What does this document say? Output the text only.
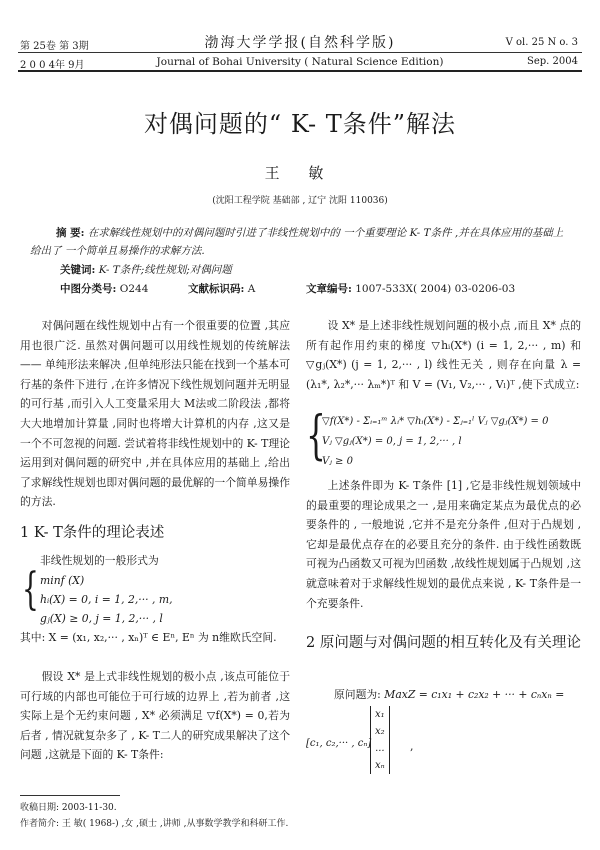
第 25卷 第 3期	渤海大学学报(自然科学版)	V ol. 25 N o. 3
2 0 0 4年 9月	Journal of Bohai University ( Natural Science Edition)	Sep. 2004
对偶问题的“ K- T条件”解法
王 敏
(沈阳工程学院 基础部 , 辽宁 沈阳 110036)
摘 要: 在求解线性规划中的对偶问题时引进了非线性规划中的 一个重要理论 K- T条件 ,并在具体应用的基础上给出了 一个简单且易操作的求解方法.
关键词: K- T条件;线性规划;对偶问题
中图分类号: O244	文献标识码: A	文章编号: 1007-533X( 2004) 03-0206-03
对偶问题在线性规划中占有一个很重要的位置 ,其应用也很广泛. 虽然对偶问题可以用线性规划的传统解法—— 单纯形法来解决 ,但单纯形法只能在找到一个基本可行基的条件下进行 ,在许多情况下线性规划问题并无明显的可行基 ,而引入人工变量采用大 M法或二阶段法 ,都将大大地增加计算量 ,同时也将增大计算机的内存 ,这又是一个不可忽视的问题. 尝试着将非线性规划中的 K- T理论运用到对偶问题的研究中 ,并在具体应用的基础上 ,给出了求解线性规划也即对偶问题的最优解的一个简单易操作的方法.
1 K- T条件的理论表述
非线性规划的一般形式为
{ minf (X)
hᵢ(X) = 0, i = 1, 2,··· , m,
gⱼ(X) ≥ 0, j = 1, 2,··· , l
其中: X = (x₁, x₂,··· , xₙ)ᵀ ∈ Eⁿ, Eⁿ 为 n维欧氏空间.
假设 X* 是上式非线性规划的极小点 ,该点可能位于可行域的内部也可能位于可行域的边界上 ,若为前者 ,这实际上是个无约束问题 , X* 必须满足 ▽f(X*) = 0,若为后者 , 情况就复杂多了 , K- T二人的研究成果解决了这个问题 ,这就是下面的 K- T条件:
设 X* 是上述非线性规划问题的极小点 ,而且 X* 点的所有起作用约束的梯度 ▽hᵢ(X*) (i = 1, 2,··· , m) 和 ▽gⱼ(X*) (j = 1, 2,··· , l) 线性无关 , 则存在向量 λ = (λ₁*, λ₂*,··· λₘ*)ᵀ 和 V = (V₁, V₂,··· , Vₗ)ᵀ ,使下式成立:
{
▽f(X*) - Σᵢ₌₁ᵐ λᵢ* ▽hᵢ(X*) - Σⱼ₌₁ˡ Vⱼ ▽gⱼ(X*) = 0
Vⱼ ▽gⱼ(X*) = 0, j = 1, 2,··· , l
Vⱼ ≥ 0
上述条件即为 K- T条件 [1] ,它是非线性规划领域中的最重要的理论成果之一 ,是用来确定某点为最优点的必要条件的 , 一般地说 ,它并不是充分条件 ,但对于凸规划 ,它却是最优点存在的必要且充分的条件. 由于线性函数既可视为凸函数又可视为凹函数 ,故线性规划属于凸规划 ,这就意味着对于求解线性规划的最优点来说 , K- T条件是一个充要条件.
2 原问题与对偶问题的相互转化及有关理论
原问题为: MaxZ = c₁x₁ + c₂x₂ + ··· + cₙxₙ =
[c₁, c₂,··· , cₙ]
x₁
x₂
...
xₙ
,
收稿日期: 2003-11-30.
作者简介: 王 敏( 1968-) ,女 ,硕士 ,讲师 ,从事数学教学和科研工作.
